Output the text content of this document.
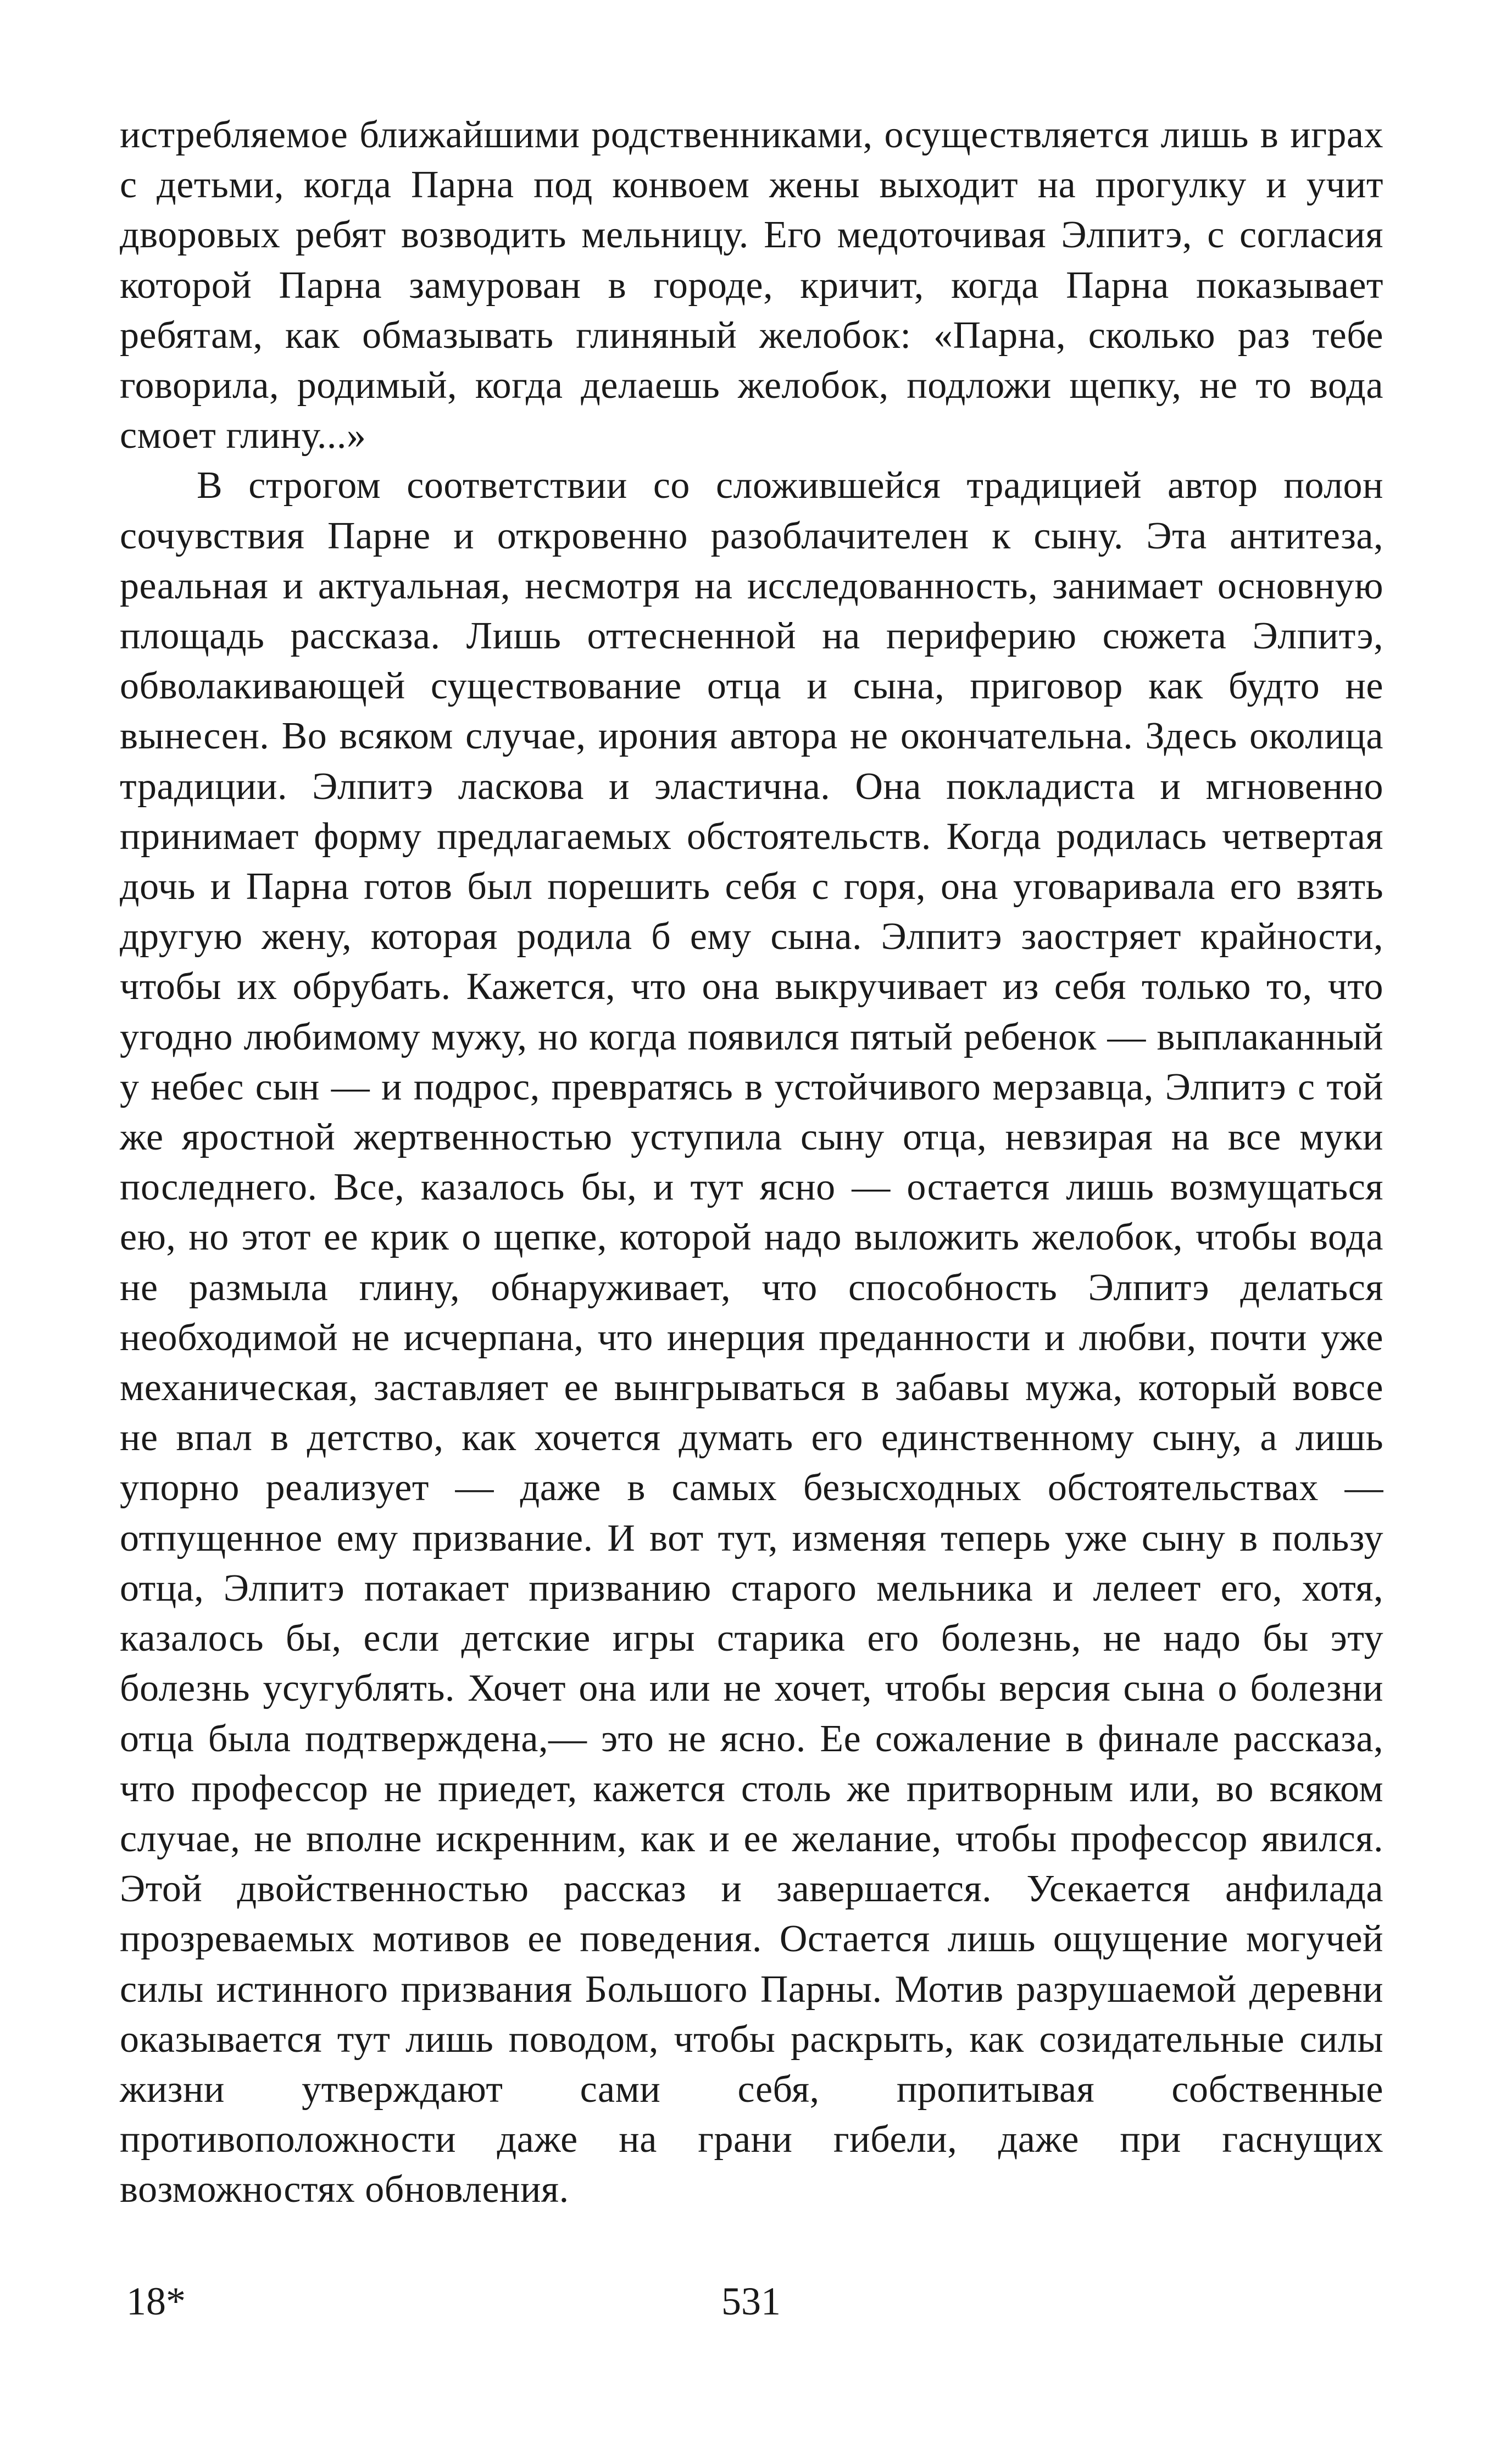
истребляемое ближайшими родственниками, осуществляется лишь в играх с детьми, когда Парна под конвоем жены выходит на прогулку и учит дворовых ребят возводить мельницу. Его медоточивая Элпитэ, с согласия которой Парна замурован в городе, кричит, когда Парна показывает ребятам, как обмазывать глиняный желобок: «Парна, сколько раз тебе говорила, родимый, когда делаешь желобок, подложи щепку, не то вода смоет глину...»

В строгом соответствии со сложившейся традицией автор полон сочувствия Парне и откровенно разоблачителен к сыну. Эта антитеза, реальная и актуальная, несмотря на исследованность, занимает основную площадь рассказа. Лишь оттесненной на периферию сюжета Элпитэ, обволакивающей существование отца и сына, приговор как будто не вынесен. Во всяком случае, ирония автора не окончательна. Здесь околица традиции. Элпитэ ласкова и эластична. Она покладиста и мгновенно принимает форму предлагаемых обстоятельств. Когда родилась четвертая дочь и Парна готов был порешить себя с горя, она уговаривала его взять другую жену, которая родила б ему сына. Элпитэ заостряет крайности, чтобы их обрубать. Кажется, что она выкручивает из себя только то, что угодно любимому мужу, но когда появился пятый ребенок — выплаканный у небес сын — и подрос, превратясь в устойчивого мерзавца, Элпитэ с той же яростной жертвенностью уступила сыну отца, невзирая на все муки последнего. Все, казалось бы, и тут ясно — остается лишь возмущаться ею, но этот ее крик о щепке, которой надо выложить желобок, чтобы вода не размыла глину, обнаруживает, что способность Элпитэ делаться необходимой не исчерпана, что инерция преданности и любви, почти уже механическая, заставляет ее вынгрываться в забавы мужа, который вовсе не впал в детство, как хочется думать его единственному сыну, а лишь упорно реализует — даже в самых безысходных обстоятельствах — отпущенное ему призвание. И вот тут, изменяя теперь уже сыну в пользу отца, Элпитэ потакает призванию старого мельника и лелеет его, хотя, казалось бы, если детские игры старика его болезнь, не надо бы эту болезнь усугублять. Хочет она или не хочет, чтобы версия сына о болезни отца была подтверждена,— это не ясно. Ее сожаление в финале рассказа, что профессор не приедет, кажется столь же притворным или, во всяком случае, не вполне искренним, как и ее желание, чтобы профессор явился. Этой двойственностью рассказ и завершается. Усекается анфилада прозреваемых мотивов ее поведения. Остается лишь ощущение могучей силы истинного призвания Большого Парны. Мотив разрушаемой деревни оказывается тут лишь поводом, чтобы раскрыть, как созидательные силы жизни утверждают сами себя, пропитывая собственные противоположности даже на грани гибели, даже при гаснущих возможностях обновления.

18*	531
